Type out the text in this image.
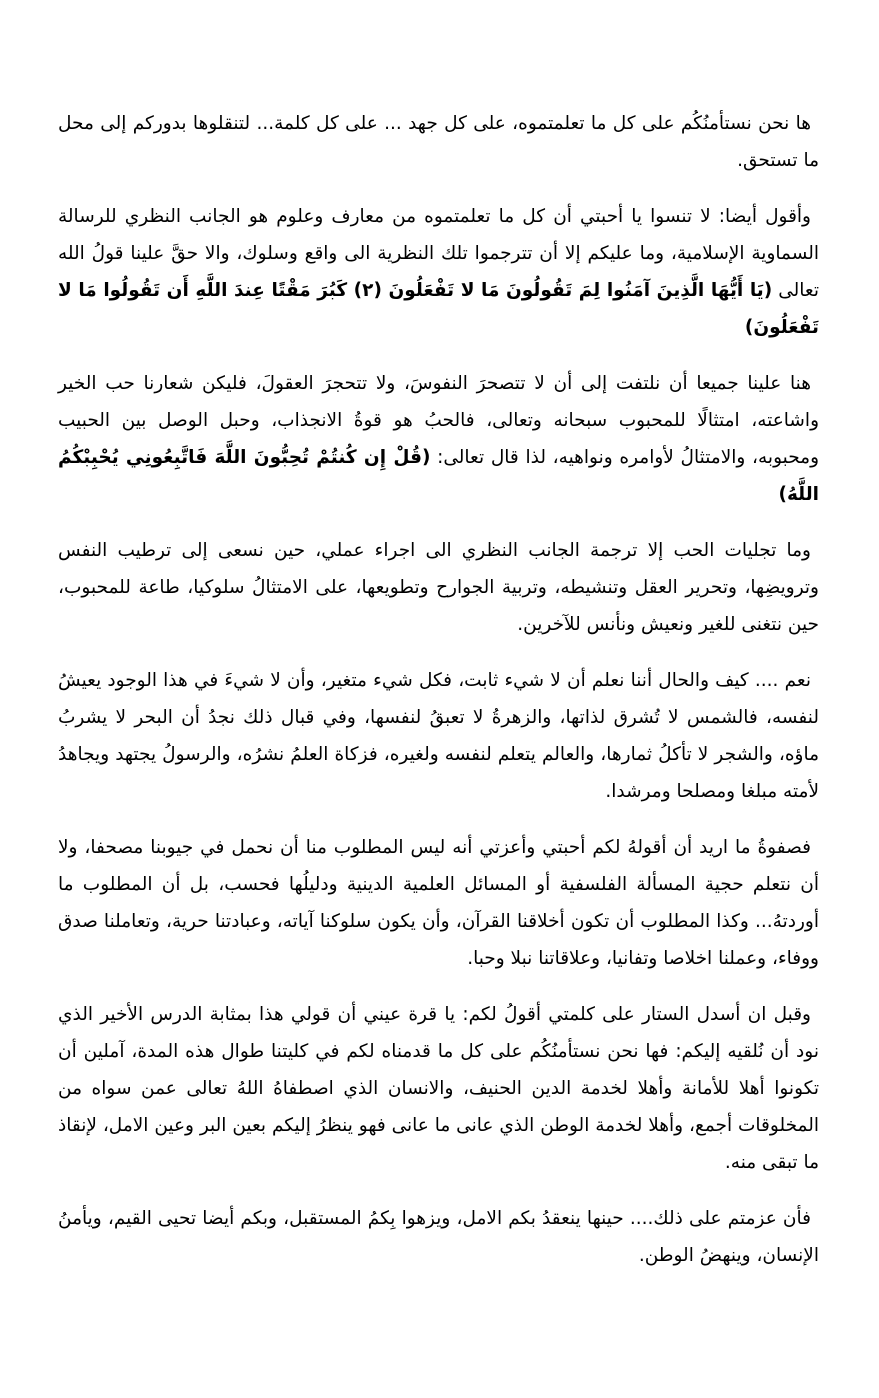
ها نحن نستأمنُكُم على كل ما تعلمتموه، على كل جهد ... على كل كلمة... لتنقلوها بدوركم إلى محل ما تستحق.

وأقول أيضا: لا تنسوا يا أحبتي أن كل ما تعلمتموه من معارف وعلوم هو الجانب النظري للرسالة السماوية الإسلامية، وما عليكم إلا أن تترجموا تلك النظرية الى واقع وسلوك، والا حقَّ علينا قولُ الله تعالى (يَا أَيُّهَا الَّذِينَ آمَنُوا لِمَ تَقُولُونَ مَا لا تَفْعَلُونَ (٢) كَبُرَ مَقْتًا عِندَ اللَّهِ أَن تَقُولُوا مَا لا تَفْعَلُونَ)

هنا علينا جميعا أن نلتفت إلى أن لا تتصحرَ النفوسَ، ولا تتحجرَ العقولَ، فليكن شعارنا حب الخير واشاعته، امتثالًا للمحبوب سبحانه وتعالى، فالحبُ هو قوةُ الانجذاب، وحبل الوصل بين الحبيب ومحبوبه، والامتثالُ لأوامره ونواهيه، لذا قال تعالى: (قُلْ إِن كُنتُمْ تُحِبُّونَ اللَّهَ فَاتَّبِعُونِي يُحْبِبْكُمُ اللَّهُ)

وما تجليات الحب إلا ترجمة الجانب النظري الى اجراء عملي، حين نسعى إلى ترطيب النفس وترويضِها، وتحرير العقل وتنشيطه، وتربية الجوارح وتطويعها، على الامتثالُ سلوكيا، طاعة للمحبوب، حين نتغنى للغير ونعيش ونأنس للآخرين.

نعم .... كيف والحال أننا نعلم أن لا شيء ثابت، فكل شيء متغير، وأن لا شيءَ في هذا الوجود يعيشُ لنفسه، فالشمس لا تُشرق لذاتها، والزهرةُ لا تعبقُ لنفسها، وفي قبال ذلك نجدُ أن البحر لا يشربُ ماؤه، والشجر لا تأكلُ ثمارها، والعالم يتعلم لنفسه ولغيره، فزكاة العلمُ نشرُه، والرسولُ يجتهد ويجاهدُ لأمته مبلغا ومصلحا ومرشدا.

فصفوةُ ما اريد أن أقولهُ لكم أحبتي وأعزتي أنه ليس المطلوب منا أن نحمل في جيوبنا مصحفا، ولا أن نتعلم حجية المسألة الفلسفية أو المسائل العلمية الدينية ودليلُها فحسب، بل أن المطلوب ما أوردتهُ... وكذا المطلوب أن تكون أخلاقنا القرآن، وأن يكون سلوكنا آياته، وعبادتنا حرية، وتعاملنا صدق ووفاء، وعملنا اخلاصا وتفانيا، وعلاقاتنا نبلا وحبا.

وقبل ان أسدل الستار على كلمتي أقولُ لكم: يا قرة عيني أن قولي هذا بمثابة الدرس الأخير الذي نود أن نُلقيه إليكم: فها نحن نستأمنُكُم على كل ما قدمناه لكم في كليتنا طوال هذه المدة، آملين أن تكونوا أهلا للأمانة وأهلا لخدمة الدين الحنيف، والانسان الذي اصطفاهُ اللهُ تعالى عمن سواه من المخلوقات أجمع، وأهلا لخدمة الوطن الذي عانى ما عانى فهو ينظرُ إليكم بعين البر وعين الامل، لإنقاذ ما تبقى منه.

فأن عزمتم على ذلك.... حينها ينعقدُ بكم الامل، ويزهوا بِكمُ المستقبل، وبكم أيضا تحيى القيم، ويأمنُ الإنسان، وينهضُ الوطن.
